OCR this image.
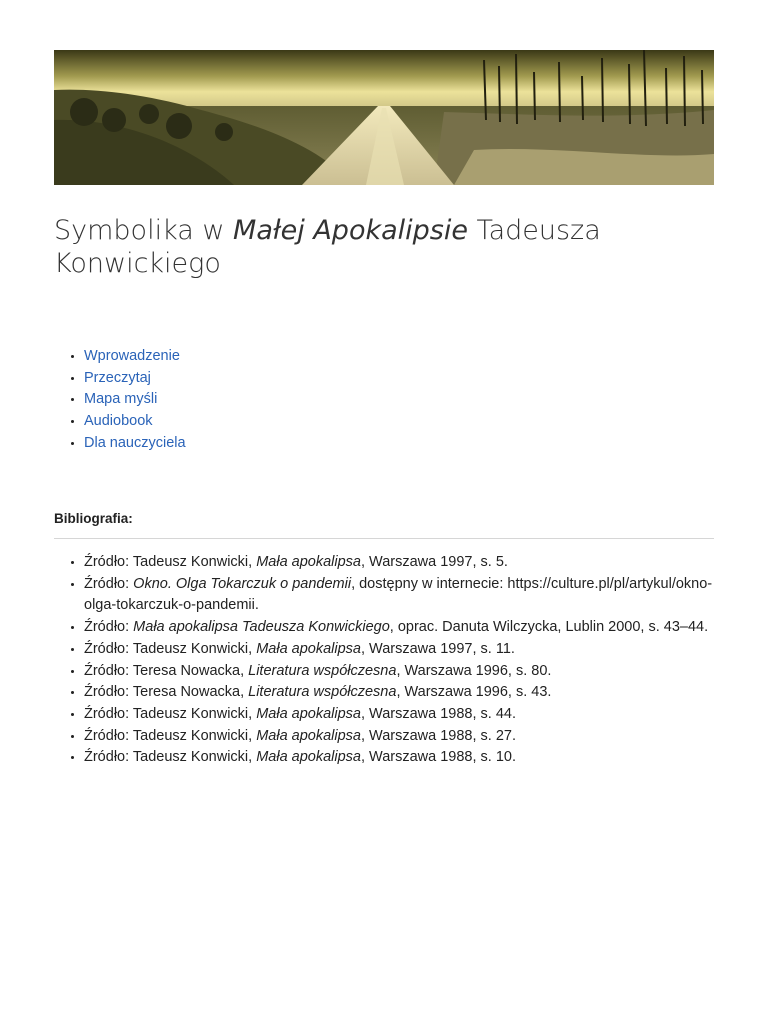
Symbolika w Małej Apokalipsie Tadeusza Konwickiego
• Wprowadzenie
• Przeczytaj
• Mapa myśli
• Audiobook
• Dla nauczyciela
Bibliografia:
• Źródło: Tadeusz Konwicki, Mała apokalipsa, Warszawa 1997, s. 5.
• Źródło: Okno. Olga Tokarczuk o pandemii, dostępny w internecie: https://culture.pl/pl/artykul/okno-olga-tokarczuk-o-pandemii.
• Źródło: Mała apokalipsa Tadeusza Konwickiego, oprac. Danuta Wilczycka, Lublin 2000, s. 43–44.
• Źródło: Tadeusz Konwicki, Mała apokalipsa, Warszawa 1997, s. 11.
• Źródło: Teresa Nowacka, Literatura współczesna, Warszawa 1996, s. 80.
• Źródło: Teresa Nowacka, Literatura współczesna, Warszawa 1996, s. 43.
• Źródło: Tadeusz Konwicki, Mała apokalipsa, Warszawa 1988, s. 44.
• Źródło: Tadeusz Konwicki, Mała apokalipsa, Warszawa 1988, s. 27.
• Źródło: Tadeusz Konwicki, Mała apokalipsa, Warszawa 1988, s. 10.
